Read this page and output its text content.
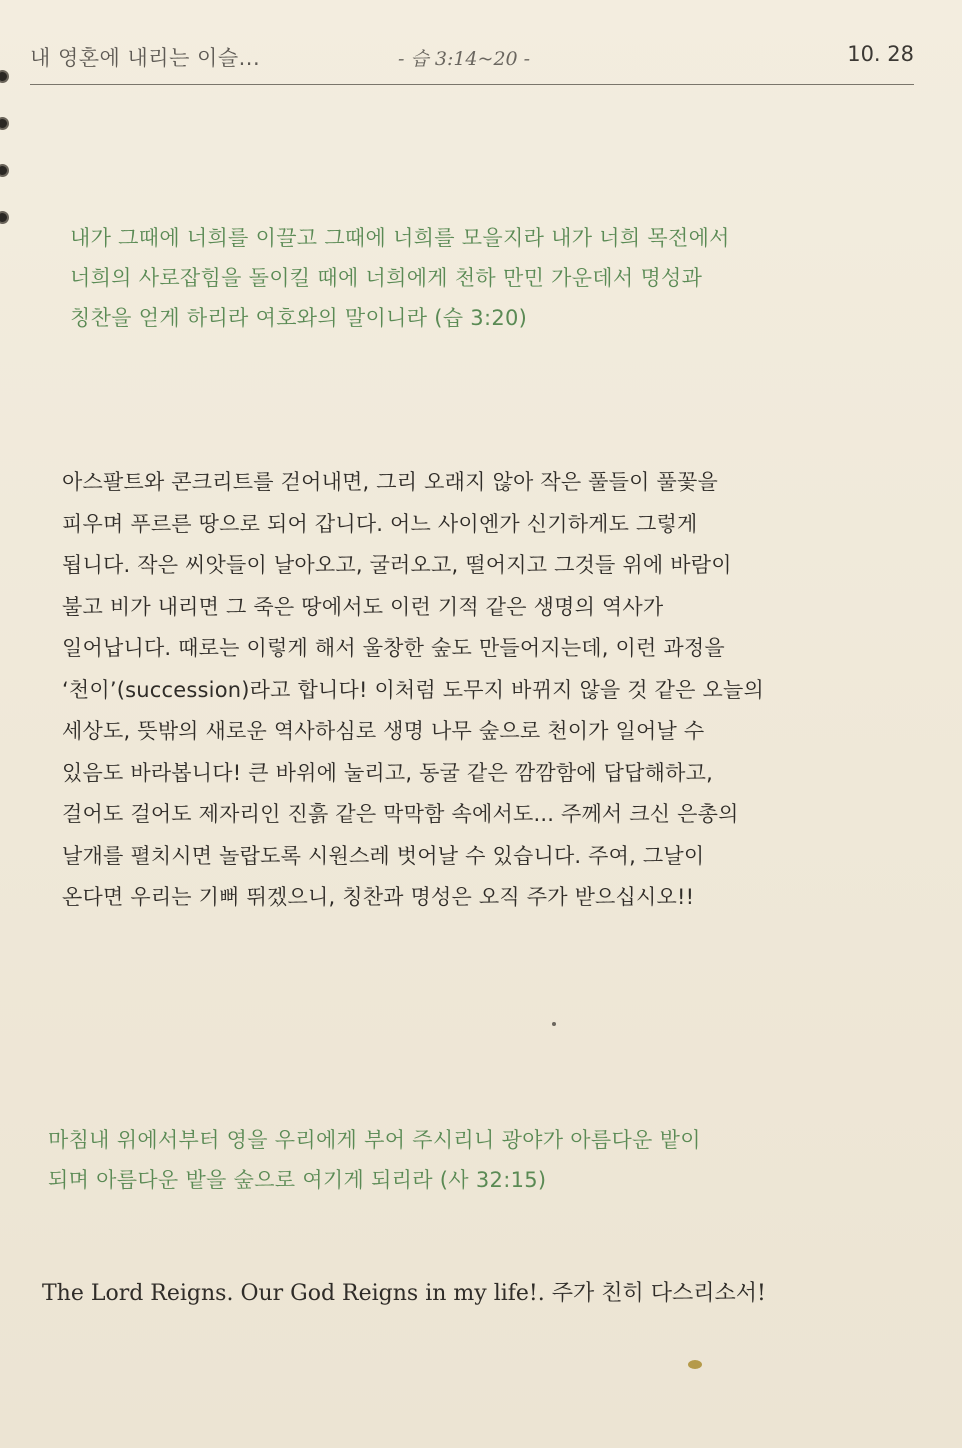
내 영혼에 내리는 이슬...	- 습 3:14~20 -	10. 28

내가 그때에 너희를 이끌고 그때에 너희를 모을지라 내가 너희 목전에서

너희의 사로잡힘을 돌이킬 때에 너희에게 천하 만민 가운데서 명성과

칭찬을 얻게 하리라 여호와의 말이니라 (습 3:20)

아스팔트와 콘크리트를 걷어내면, 그리 오래지 않아 작은 풀들이 풀꽃을

피우며 푸르른 땅으로 되어 갑니다. 어느 사이엔가 신기하게도 그렇게

됩니다. 작은 씨앗들이 날아오고, 굴러오고, 떨어지고 그것들 위에 바람이

불고 비가 내리면 그 죽은 땅에서도 이런 기적 같은 생명의 역사가

일어납니다. 때로는 이렇게 해서 울창한 숲도 만들어지는데, 이런 과정을

‘천이’(succession)라고 합니다! 이처럼 도무지 바뀌지 않을 것 같은 오늘의

세상도, 뜻밖의 새로운 역사하심로 생명 나무 숲으로 천이가 일어날 수

있음도 바라봅니다! 큰 바위에 눌리고, 동굴 같은 깜깜함에 답답해하고,

걸어도 걸어도 제자리인 진흙 같은 막막함 속에서도... 주께서 크신 은총의

날개를 펼치시면 놀랍도록 시원스레 벗어날 수 있습니다. 주여, 그날이

온다면 우리는 기뻐 뛰겠으니, 칭찬과 명성은 오직 주가 받으십시오!!

마침내 위에서부터 영을 우리에게 부어 주시리니 광야가 아름다운 밭이

되며 아름다운 밭을 숲으로 여기게 되리라 (사 32:15)

The Lord Reigns. Our God Reigns in my life!. 주가 친히 다스리소서!
